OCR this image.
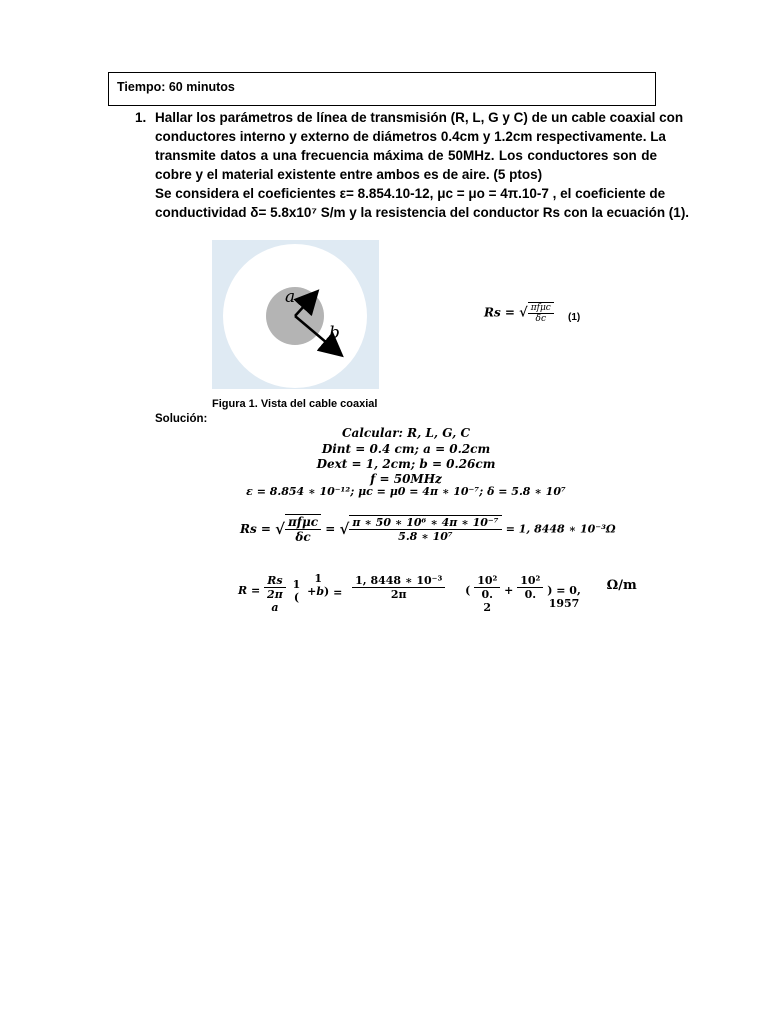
Tiempo: 60 minutos
1. Hallar los parámetros de línea de transmisión (R, L, G y C) de un cable coaxial con
conductores interno y externo de diámetros 0.4cm y 1.2cm respectivamente. La
transmite datos a una frecuencia máxima de 50MHz. Los conductores son de
cobre y el material existente entre ambos es de aire. (5 ptos)
Se considera el coeficientes ε= 8.854.10-12, μc = μo = 4π.10-7 , el coeficiente de
conductividad δ= 5.8x10⁷ S/m y la resistencia del conductor Rs con la ecuación (1).
a
b
Rs = √ $\frac{\text{πfμc}}{\delta c} (1)$
Figura 1. Vista del cable coaxial
Solución:
Calcular: R, L, G, C
Dint = 0.4 cm; a = 0.2cm
Dext = 1, 2cm; b = 0.26cm
f = 50MHz
ε = 8.854 ∗ 10⁻¹²; μc = μ0 = 4π ∗ 10⁻⁷; δ = 5.8 ∗ 10⁷
Rs = √ $\frac{\text{πfμc}}{\delta c}$ = √ $\frac{\text{π ∗ 50 ∗ 10⁶ ∗ 4π ∗ 10⁻⁷}}{\text{5.8 ∗ 10⁷}} = 1$, 8448 ∗ 10⁻³Ω
R =
Rs
2π
a

1
(

1
$+b) = \frac{\text{1, 8448 ∗ 10⁻³}}{2\pi}$ (
10²
0.
2
+ $\frac{\text{10²}}{0.}$
) = 0,
1957
Ω/m
